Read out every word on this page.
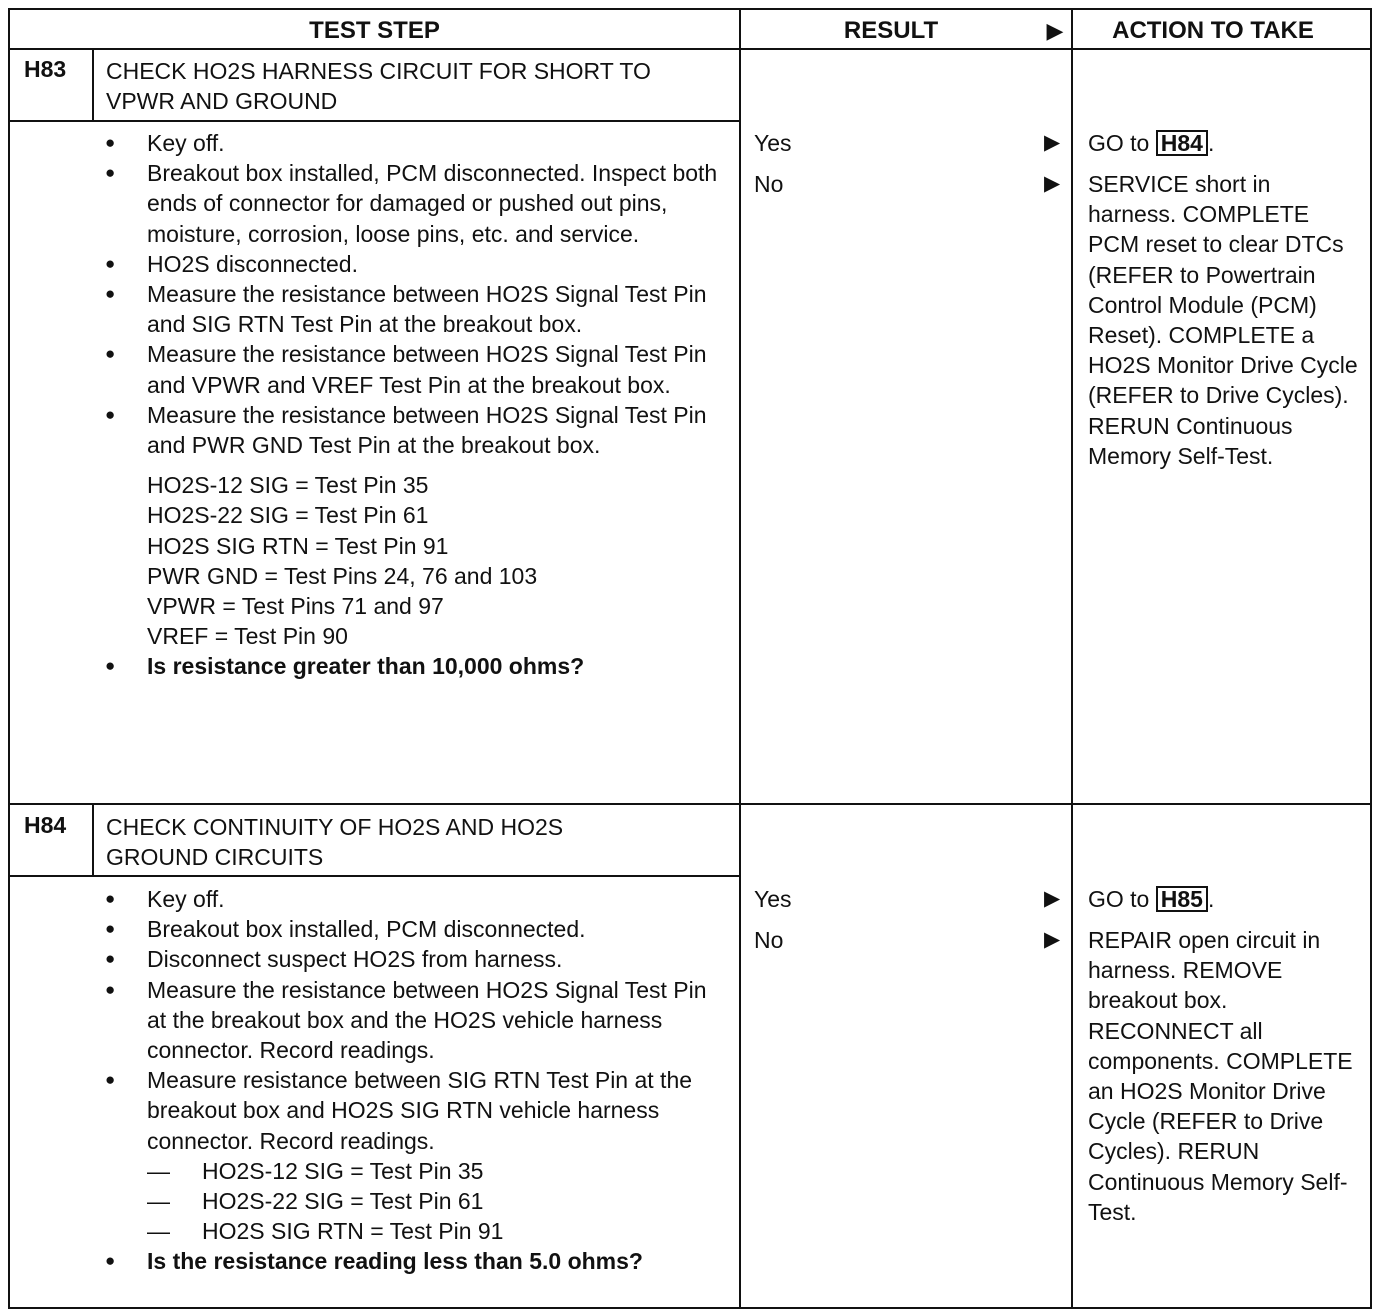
TEST STEP	RESULT	▶	ACTION TO TAKE
H83 CHECK HO2S HARNESS CIRCUIT FOR SHORT TO VPWR AND GROUND
● Key off.
● Breakout box installed, PCM disconnected. Inspect both ends of connector for damaged or pushed out pins, moisture, corrosion, loose pins, etc. and service.
● HO2S disconnected.
● Measure the resistance between HO2S Signal Test Pin and SIG RTN Test Pin at the breakout box.
● Measure the resistance between HO2S Signal Test Pin and VPWR and VREF Test Pin at the breakout box.
● Measure the resistance between HO2S Signal Test Pin and PWR GND Test Pin at the breakout box.
HO2S-12 SIG = Test Pin 35
HO2S-22 SIG = Test Pin 61
HO2S SIG RTN = Test Pin 91
PWR GND = Test Pins 24, 76 and 103
VPWR = Test Pins 71 and 97
VREF = Test Pin 90
● Is resistance greater than 10,000 ohms?
Yes	▶ GO to H84 .
No	▶ SERVICE short in harness. COMPLETE PCM reset to clear DTCs (REFER to Powertrain Control Module (PCM) Reset). COMPLETE a HO2S Monitor Drive Cycle (REFER to Drive Cycles). RERUN Continuous Memory Self-Test.
H84 CHECK CONTINUITY OF HO2S AND HO2S GROUND CIRCUITS
● Key off.
● Breakout box installed, PCM disconnected.
● Disconnect suspect HO2S from harness.
● Measure the resistance between HO2S Signal Test Pin at the breakout box and the HO2S vehicle harness connector. Record readings.
● Measure resistance between SIG RTN Test Pin at the breakout box and HO2S SIG RTN vehicle harness connector. Record readings.
— HO2S-12 SIG = Test Pin 35
— HO2S-22 SIG = Test Pin 61
— HO2S SIG RTN = Test Pin 91
● Is the resistance reading less than 5.0 ohms?
Yes	▶ GO to H85 .
No	▶ REPAIR open circuit in harness. REMOVE breakout box. RECONNECT all components. COMPLETE an HO2S Monitor Drive Cycle (REFER to Drive Cycles). RERUN Continuous Memory Self-Test.
